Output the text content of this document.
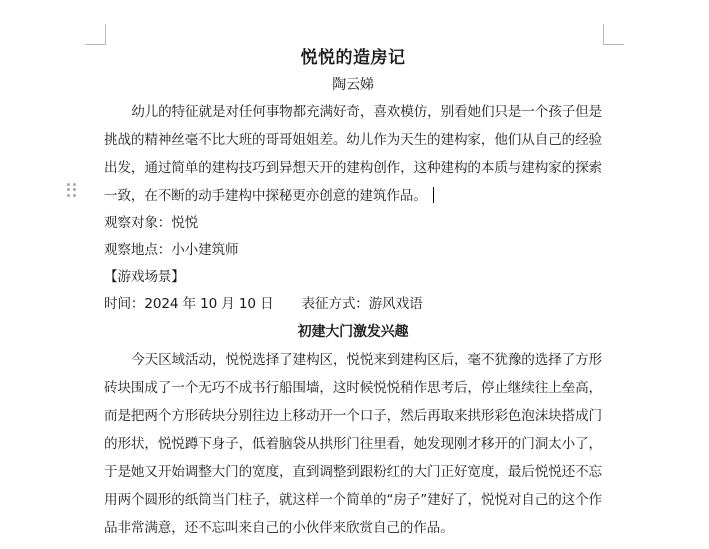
悦悦的造房记
陶云娣
幼儿的特征就是对任何事物都充满好奇，喜欢模仿，别看她们只是一个孩子但是挑战的精神丝毫不比大班的哥哥姐姐差。幼儿作为天生的建构家，他们从自己的经验出发，通过简单的建构技巧到异想天开的建构创作，这种建构的本质与建构家的探索一致，在不断的动手建构中探秘更亦创意的建筑作品。
观察对象：悦悦
观察地点：小小建筑师
【游戏场景】
时间：2024 年 10 月 10 日 表征方式：游风戏语
初建大门激发兴趣
今天区域活动，悦悦选择了建构区，悦悦来到建构区后，毫不犹豫的选择了方形砖块围成了一个无巧不成书行船围墙，这时候悦悦稍作思考后，停止继续往上垒高，而是把两个方形砖块分别往边上移动开一个口子，然后再取来拱形彩色泡沫块搭成门的形状，悦悦蹲下身子，低着脑袋从拱形门往里看，她发现刚才移开的门洞太小了，于是她又开始调整大门的宽度，直到调整到跟粉红的大门正好宽度，最后悦悦还不忘用两个圆形的纸筒当门柱子，就这样一个简单的“房子”建好了，悦悦对自己的这个作品非常满意，还不忘叫来自己的小伙伴来欣赏自己的作品。
